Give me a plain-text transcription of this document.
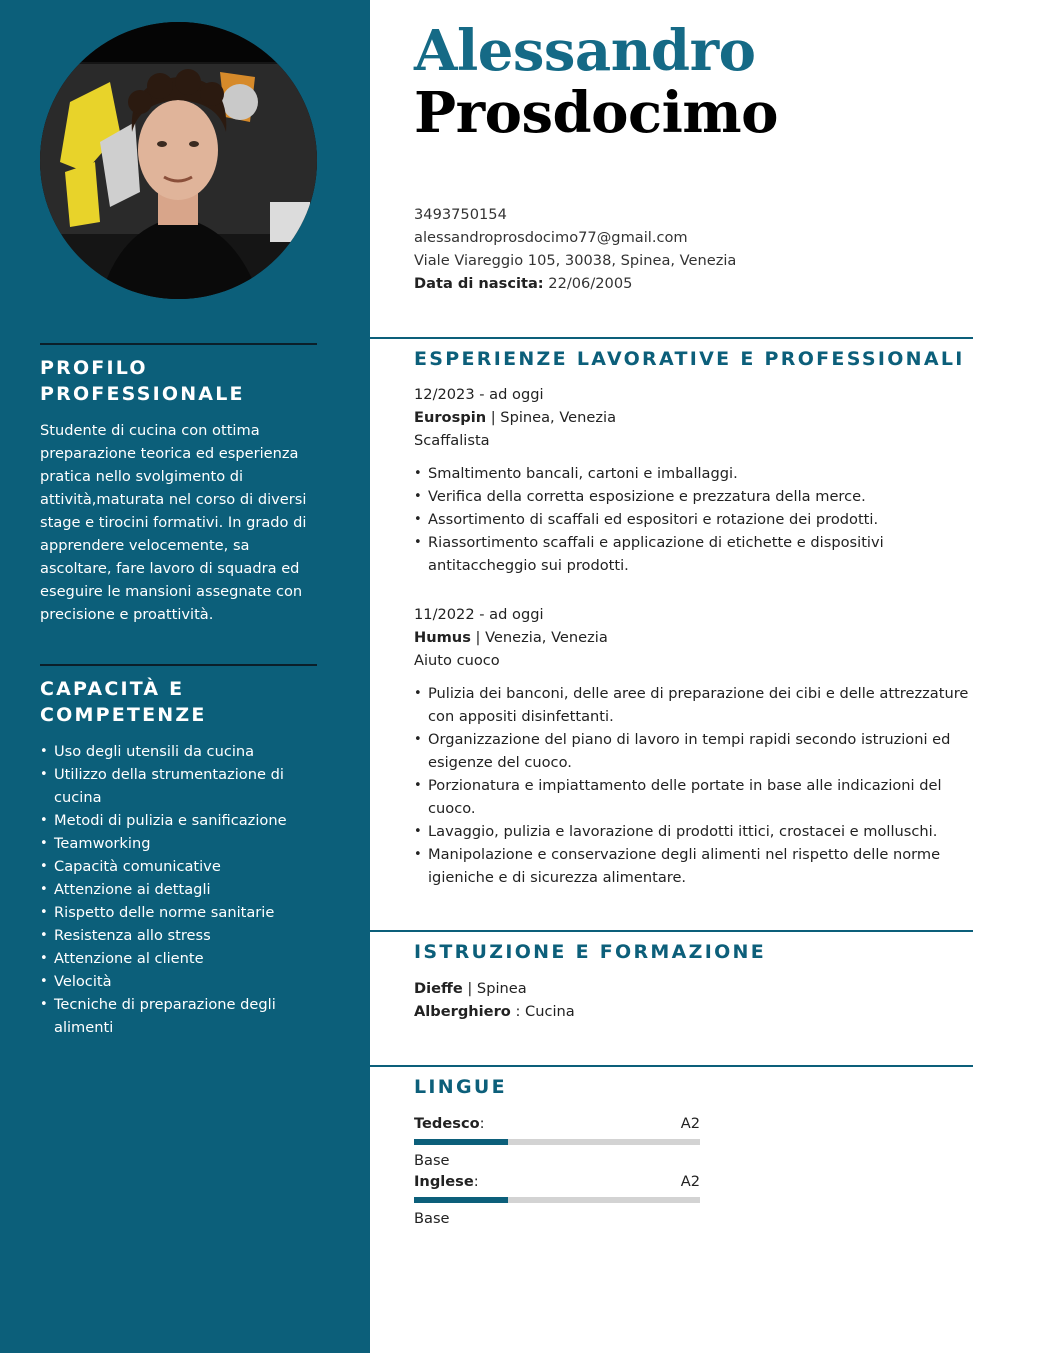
PROFILO PROFESSIONALE

Studente di cucina con ottima preparazione teorica ed esperienza pratica nello svolgimento di attività,maturata nel corso di diversi stage e tirocini formativi. In grado di apprendere velocemente, sa ascoltare, fare lavoro di squadra ed eseguire le mansioni assegnate con precisione e proattività.

CAPACITÀ E COMPETENZE
• Uso degli utensili da cucina
• Utilizzo della strumentazione di cucina
• Metodi di pulizia e sanificazione
• Teamworking
• Capacità comunicative
• Attenzione ai dettagli
• Rispetto delle norme sanitarie
• Resistenza allo stress
• Attenzione al cliente
• Velocità
• Tecniche di preparazione degli alimenti
Alessandro
Prosdocimo
3493750154
alessandroprosdocimo77@gmail.com
Viale Viareggio 105, 30038, Spinea, Venezia
Data di nascita: 22/06/2005
ESPERIENZE LAVORATIVE E PROFESSIONALI
12/2023 - ad oggi
Eurospin | Spinea, Venezia
Scaffalista
• Smaltimento bancali, cartoni e imballaggi.
• Verifica della corretta esposizione e prezzatura della merce.
• Assortimento di scaffali ed espositori e rotazione dei prodotti.
• Riassortimento scaffali e applicazione di etichette e dispositivi antitaccheggio sui prodotti.
11/2022 - ad oggi
Humus | Venezia, Venezia
Aiuto cuoco
• Pulizia dei banconi, delle aree di preparazione dei cibi e delle attrezzature con appositi disinfettanti.
• Organizzazione del piano di lavoro in tempi rapidi secondo istruzioni ed esigenze del cuoco.
• Porzionatura e impiattamento delle portate in base alle indicazioni del cuoco.
• Lavaggio, pulizia e lavorazione di prodotti ittici, crostacei e molluschi.
• Manipolazione e conservazione degli alimenti nel rispetto delle norme igieniche e di sicurezza alimentare.
ISTRUZIONE E FORMAZIONE
Dieffe | Spinea
Alberghiero : Cucina
LINGUE
Tedesco:	A2
Base
Inglese:	A2
Base
